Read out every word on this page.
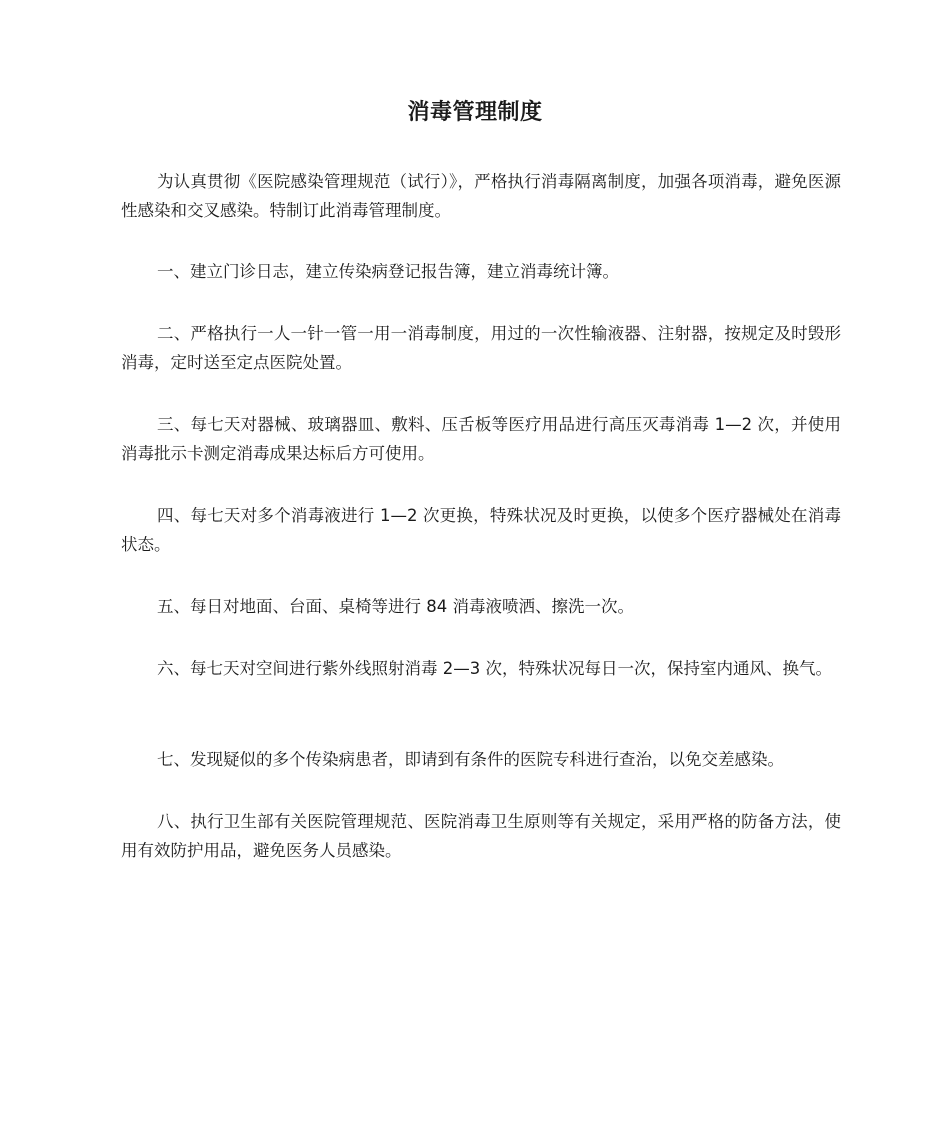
消毒管理制度

为认真贯彻《医院感染管理规范（试行）》，严格执行消毒隔离制度，加强各项消毒，避免医源性感染和交叉感染。特制订此消毒管理制度。

一、建立门诊日志，建立传染病登记报告簿，建立消毒统计簿。

二、严格执行一人一针一管一用一消毒制度，用过的一次性输液器、注射器，按规定及时毁形消毒，定时送至定点医院处置。

三、每七天对器械、玻璃器皿、敷料、压舌板等医疗用品进行高压灭毒消毒 1—2 次，并使用消毒批示卡测定消毒成果达标后方可使用。

四、每七天对多个消毒液进行 1—2 次更换，特殊状况及时更换，以使多个医疗器械处在消毒状态。

五、每日对地面、台面、桌椅等进行 84 消毒液喷洒、擦洗一次。

六、每七天对空间进行紫外线照射消毒 2—3 次，特殊状况每日一次，保持室内通风、换气。

七、发现疑似的多个传染病患者，即请到有条件的医院专科进行查治，以免交差感染。

八、执行卫生部有关医院管理规范、医院消毒卫生原则等有关规定，采用严格的防备方法，使用有效防护用品，避免医务人员感染。
